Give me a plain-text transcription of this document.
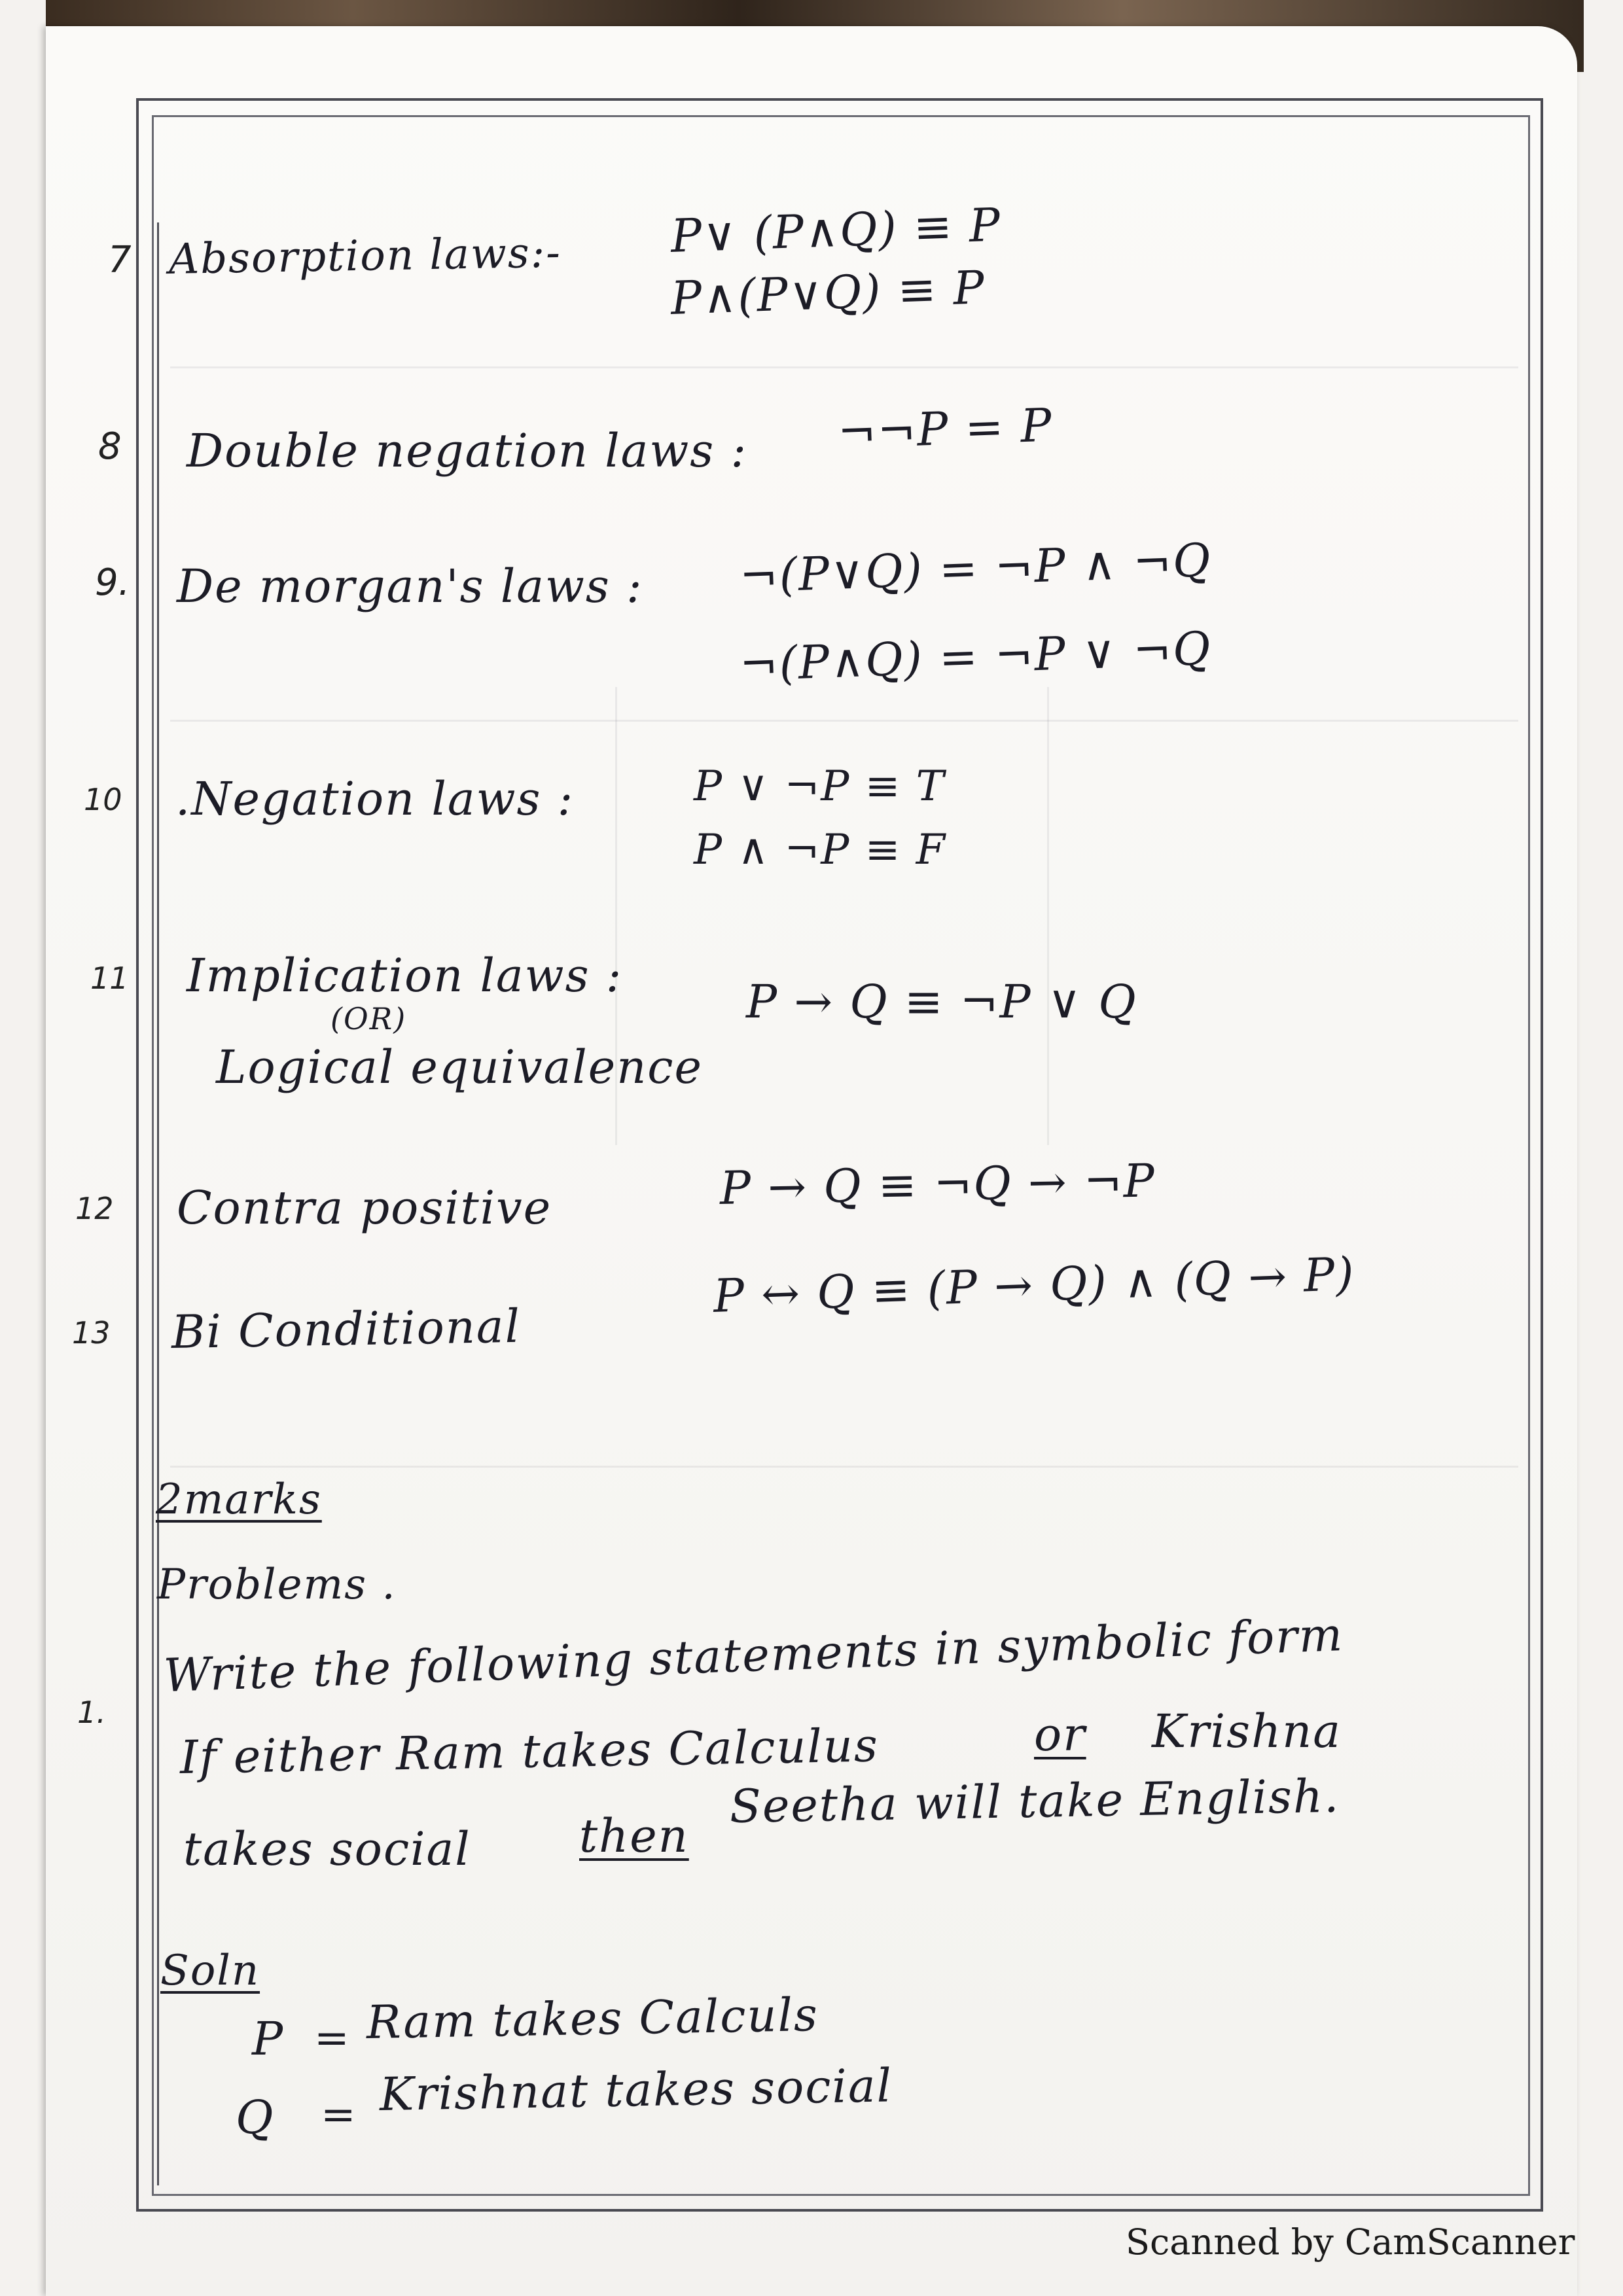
7 Absorption laws:- P∨ (P∧Q) ≡ P
P∧(P∨Q) ≡ P
8 Double negation laws : ¬¬P = P
9. De morgan's laws : ¬(P∨Q) = ¬P ∧ ¬Q
¬(P∧Q) = ¬P ∨ ¬Q
10 .Negation laws :	P ∨ ¬P ≡ T
P ∧ ¬P ≡ F
11 Implication laws :
(OR)
Logical equivalence
P → Q ≡ ¬P ∨ Q
12 Contra positive	P → Q ≡ ¬Q → ¬P
13 Bi Conditional
P ↔ Q ≡ (P → Q) ∧ (Q → P)
2marks
Problems .
1.
Write the following statements in symbolic form
If either Ram takes Calculus	or Krishna
takes social then
Seetha will take English.
Soln
P = Ram takes Calculs
Q = Krishnat takes social
Scanned by CamScanner
